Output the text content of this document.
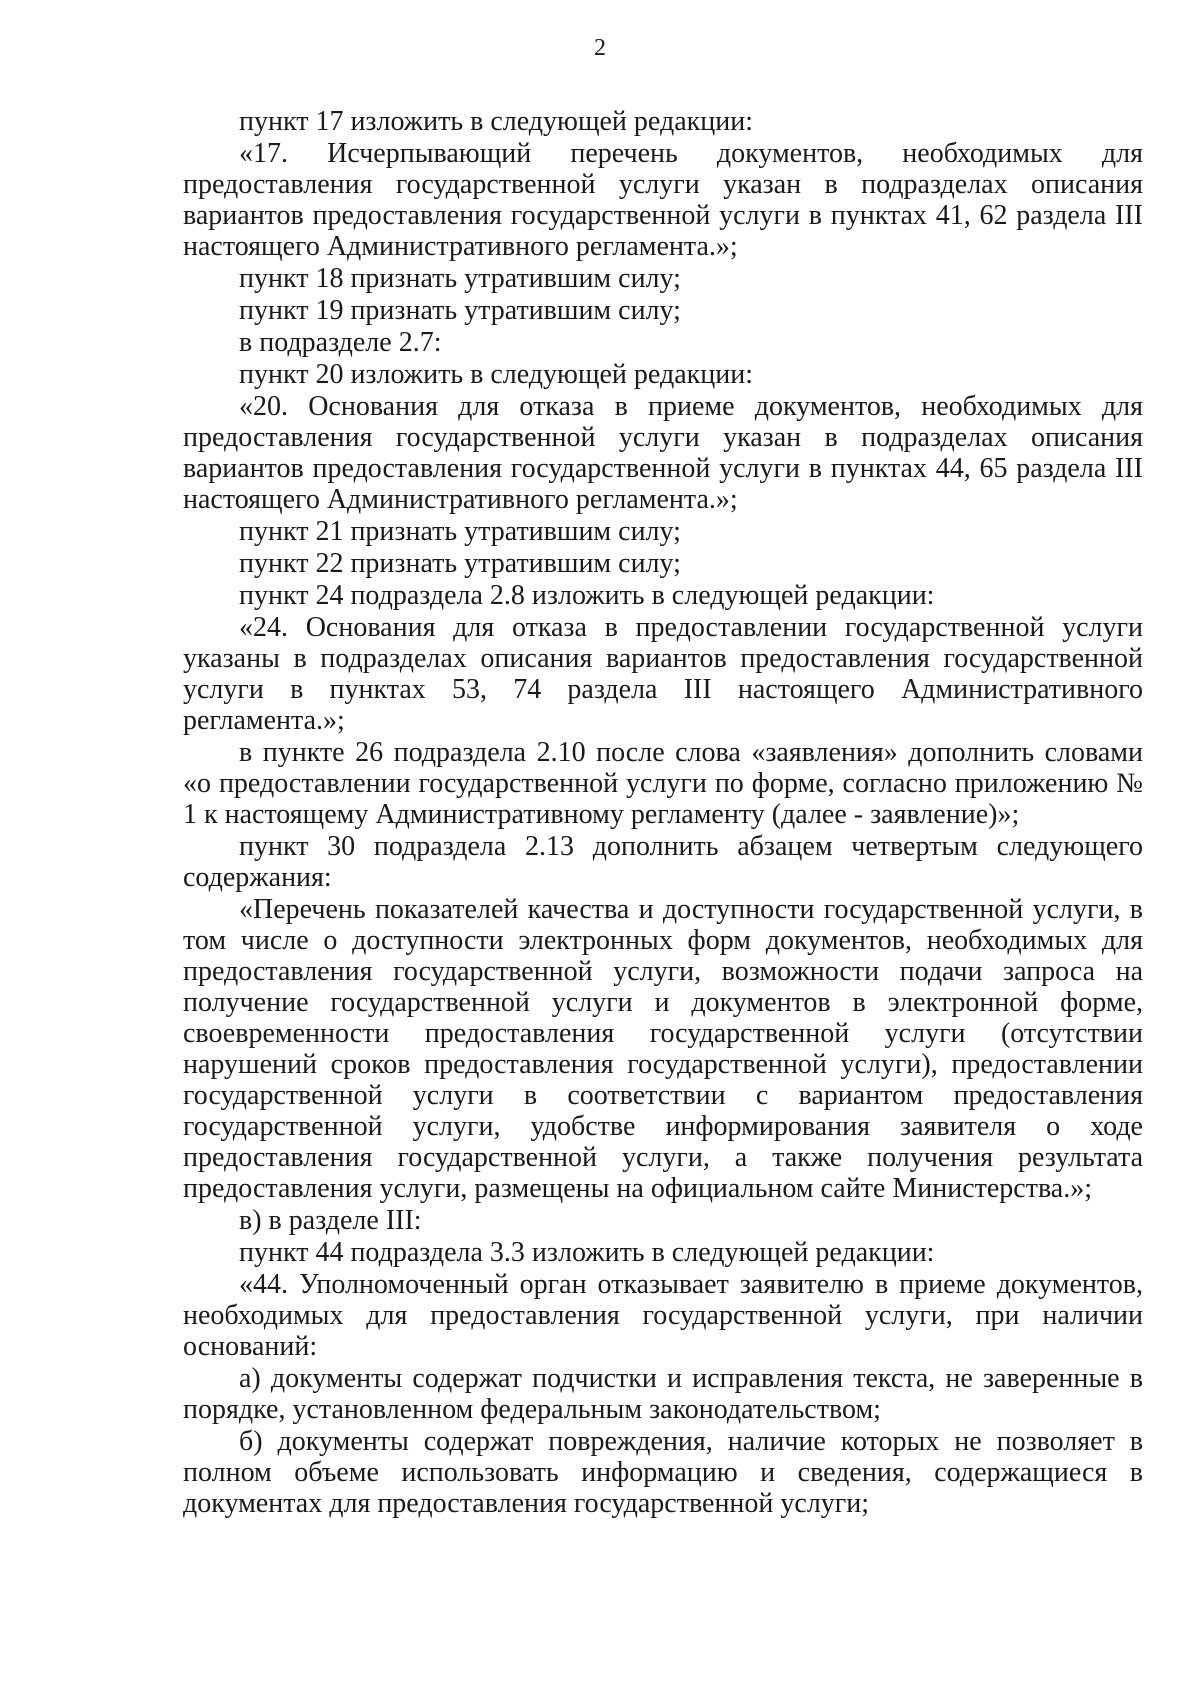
2

пункт 17 изложить в следующей редакции:

«17. Исчерпывающий перечень документов, необходимых для предоставления государственной услуги указан в подразделах описания вариантов предоставления государственной услуги в пунктах 41, 62 раздела III настоящего Административного регламента.»;

пункт 18 признать утратившим силу;

пункт 19 признать утратившим силу;

в подразделе 2.7:

пункт 20 изложить в следующей редакции:

«20. Основания для отказа в приеме документов, необходимых для предоставления государственной услуги указан в подразделах описания вариантов предоставления государственной услуги в пунктах 44, 65 раздела III настоящего Административного регламента.»;

пункт 21 признать утратившим силу;

пункт 22 признать утратившим силу;

пункт 24 подраздела 2.8 изложить в следующей редакции:

«24. Основания для отказа в предоставлении государственной услуги указаны в подразделах описания вариантов предоставления государственной услуги в пунктах 53, 74 раздела III настоящего Административного регламента.»;

в пункте 26 подраздела 2.10 после слова «заявления» дополнить словами «о предоставлении государственной услуги по форме, согласно приложению № 1 к настоящему Административному регламенту (далее - заявление)»;

пункт 30 подраздела 2.13 дополнить абзацем четвертым следующего содержания:

«Перечень показателей качества и доступности государственной услуги, в том числе о доступности электронных форм документов, необходимых для предоставления государственной услуги, возможности подачи запроса на получение государственной услуги и документов в электронной форме, своевременности предоставления государственной услуги (отсутствии нарушений сроков предоставления государственной услуги), предоставлении государственной услуги в соответствии с вариантом предоставления государственной услуги, удобстве информирования заявителя о ходе предоставления государственной услуги, а также получения результата предоставления услуги, размещены на официальном сайте Министерства.»;

в) в разделе III:

пункт 44 подраздела 3.3 изложить в следующей редакции:

«44. Уполномоченный орган отказывает заявителю в приеме документов, необходимых для предоставления государственной услуги, при наличии оснований:

а) документы содержат подчистки и исправления текста, не заверенные в порядке, установленном федеральным законодательством;

б) документы содержат повреждения, наличие которых не позволяет в полном объеме использовать информацию и сведения, содержащиеся в документах для предоставления государственной услуги;
